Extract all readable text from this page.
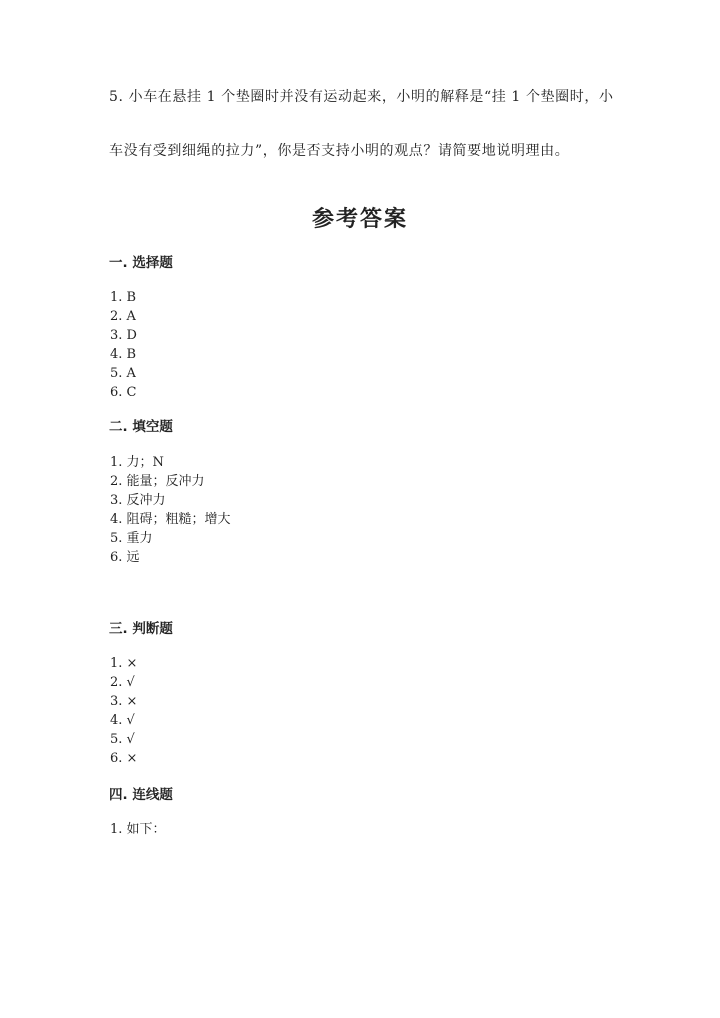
5. 小车在悬挂 1 个垫圈时并没有运动起来，小明的解释是“挂 1 个垫圈时，小
车没有受到细绳的拉力”，你是否支持小明的观点？请简要地说明理由。
参考答案
一. 选择题
1. B
2. A
3. D
4. B
5. A
6. C
二. 填空题
1. 力；N
2. 能量；反冲力
3. 反冲力
4. 阻碍；粗糙；增大
5. 重力
6. 远
三. 判断题
1. ×
2. √
3. ×
4. √
5. √
6. ×
四. 连线题
1. 如下：
